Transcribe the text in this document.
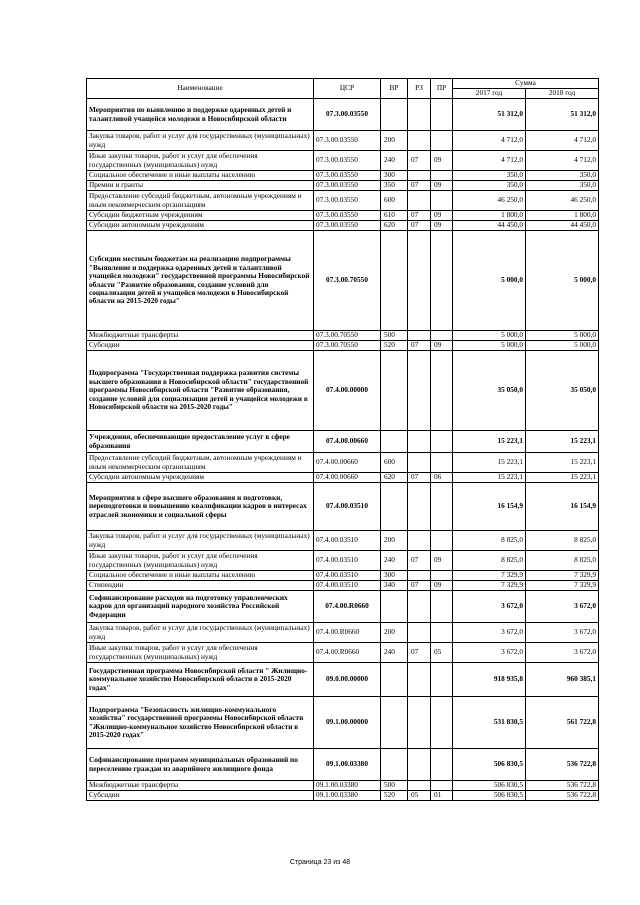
Наименование	ЦСР	ВР	РЗ	ПР	Сумма	
					2017 год	2018 год
Мероприятия по выявлению и поддержке одаренных детей и талантливой учащейся молодежи в Новосибирской области	07.3.00.03550				51 312,0	51 312,0
Закупка товаров, работ и услуг для государственных (муниципальных) нужд	07.3.00.03550	200			4 712,0	4 712,0
Иные закупки товаров, работ и услуг для обеспечения государственных (муниципальных) нужд	07.3.00.03550	240	07	09	4 712,0	4 712,0
Социальное обеспечение и иные выплаты населению	07.3.00.03550	300			350,0	350,0
Премии и гранты	07.3.00.03550	350	07	09	350,0	350,0
Предоставление субсидий бюджетным, автономным учреждениям и иным некоммерческим организациям	07.3.00.03550	600			46 250,0	46 250,0
Субсидии бюджетным учреждениям	07.3.00.03550	610	07	09	1 800,0	1 800,0
Субсидии автономным учреждениям	07.3.00.03550	620	07	09	44 450,0	44 450,0
Субсидии местным бюджетам на реализацию подпрограммы "Выявление и поддержка одаренных детей и талантливой учащейся молодежи" государственной программы Новосибирской области "Развитие образования, создание условий для социализации детей и учащейся молодежи в Новосибирской области на 2015-2020 годы"	07.3.00.70550				5 000,0	5 000,0
Межбюджетные трансферты	07.3.00.70550	500			5 000,0	5 000,0
Субсидии	07.3.00.70550	520	07	09	5 000,0	5 000,0
Подпрограмма "Государственная поддержка развития системы высшего образования в Новосибирской области" государственной программы Новосибирской области "Развитие образования, создание условий для социализации детей и учащейся молодежи в Новосибирской области на 2015-2020 годы"	07.4.00.00000				35 050,0	35 050,0
Учреждения, обеспечивающие предоставление услуг в сфере образования	07.4.00.00660				15 223,1	15 223,1
Предоставление субсидий бюджетным, автономным учреждениям и иным некоммерческим организациям	07.4.00.00660	600			15 223,1	15 223,1
Субсидии автономным учреждениям	07.4.00.00660	620	07	06	15 223,1	15 223,1
Мероприятия в сфере высшего образования и подготовки, переподготовки и повышению квалификации кадров в интересах отраслей экономики и социальной сферы	07.4.00.03510				16 154,9	16 154,9
Закупка товаров, работ и услуг для государственных (муниципальных) нужд	07.4.00.03510	200			8 825,0	8 825,0
Иные закупки товаров, работ и услуг для обеспечения государственных (муниципальных) нужд	07.4.00.03510	240	07	09	8 825,0	8 825,0
Социальное обеспечение и иные выплаты населению	07.4.00.03510	300			7 329,9	7 329,9
Стипендии	07.4.00.03510	340	07	09	7 329,9	7 329,9
Софинансирование расходов на подготовку управленческих кадров для организаций народного хозяйства Российской Федерации	07.4.00.R0660				3 672,0	3 672,0
Закупка товаров, работ и услуг для государственных (муниципальных) нужд	07.4.00.R0660	200			3 672,0	3 672,0
Иные закупки товаров, работ и услуг для обеспечения государственных (муниципальных) нужд	07.4.00.R0660	240	07	05	3 672,0	3 672,0
Государственная программа Новосибирской области " Жилищно-коммунальное хозяйство Новосибирской области в 2015-2020 годах"	09.0.00.00000				918 935,8	960 385,1
Подпрограмма "Безопасность жилищно-коммунального хозяйства" государственной программы Новосибирской области "Жилищно-коммунальное хозяйство Новосибирской области в 2015-2020 годах"	09.1.00.00000				531 830,5	561 722,8
Софинансирование программ муниципальных образований по переселению граждан из аварийного жилищного фонда	09.1.00.03380				506 830,5	536 722,8
Межбюджетные трансферты	09.1.00.03380	500			506 830,5	536 722,8
Субсидии	09.1.00.03380	520	05	01	506 830,5	536 722,8
Страница 23 из 48
